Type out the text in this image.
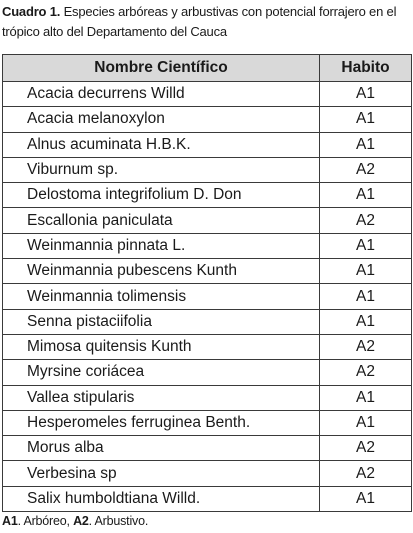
Cuadro 1. Especies arbóreas y arbustivas con potencial forrajero en el trópico alto del Departamento del Cauca
Nombre Científico	Habito
Acacia decurrens Willd	A1
Acacia melanoxylon	A1
Alnus acuminata H.B.K.	A1
Viburnum sp.	A2
Delostoma integrifolium D. Don	A1
Escallonia paniculata	A2
Weinmannia pinnata L.	A1
Weinmannia pubescens Kunth	A1
Weinmannia tolimensis	A1
Senna pistaciifolia	A1
Mimosa quitensis Kunth	A2
Myrsine coriácea	A2
Vallea stipularis	A1
Hesperomeles ferruginea Benth.	A1
Morus alba	A2
Verbesina sp	A2
Salix humboldtiana Willd.	A1
A1. Arbóreo, A2. Arbustivo.
